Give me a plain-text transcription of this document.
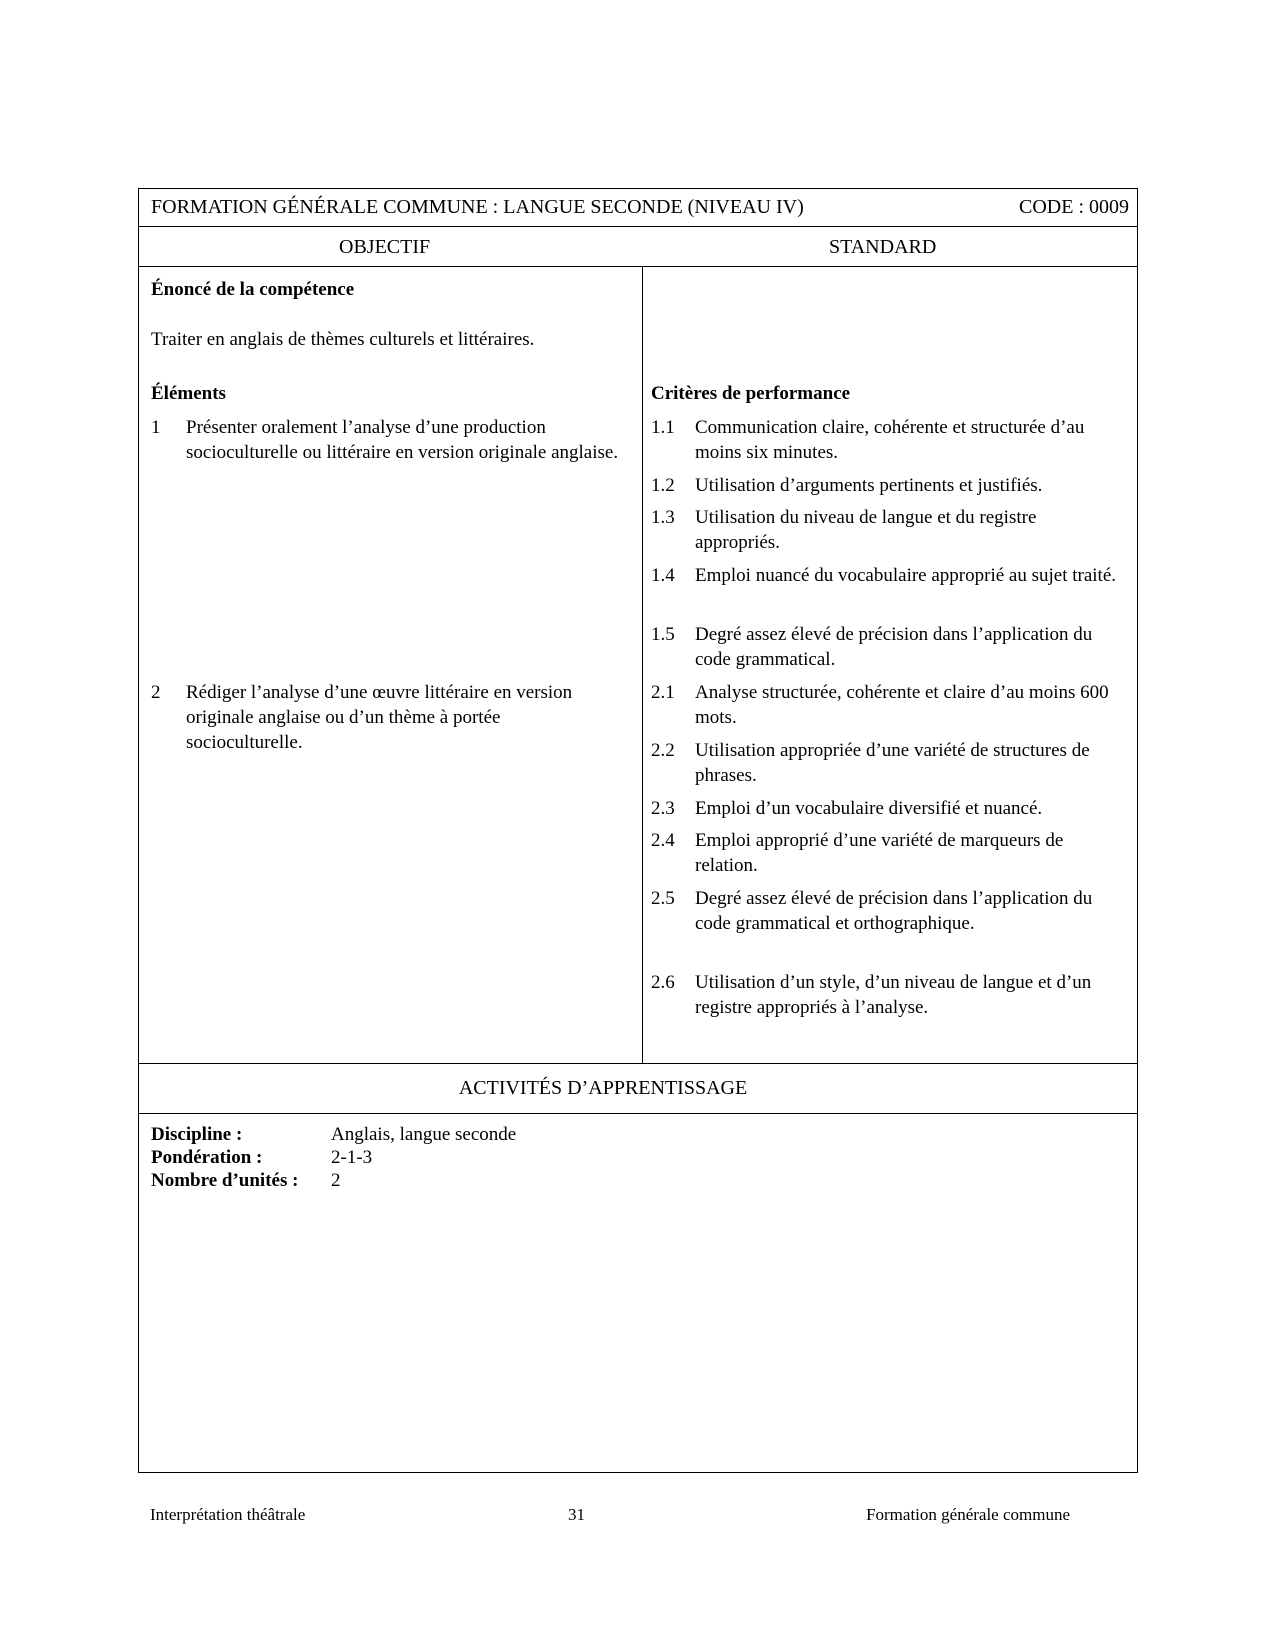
FORMATION GÉNÉRALE COMMUNE : LANGUE SECONDE (NIVEAU IV)	CODE : 0009
OBJECTIF	STANDARD
Énoncé de la compétence
Traiter en anglais de thèmes culturels et littéraires.
Éléments
1 Présenter oralement l’analyse d’une production socioculturelle ou littéraire en version originale anglaise.
2 Rédiger l’analyse d’une œuvre littéraire en version originale anglaise ou d’un thème à portée socioculturelle.
Critères de performance
1.1 Communication claire, cohérente et structurée d’au moins six minutes.
1.2 Utilisation d’arguments pertinents et justifiés.
1.3 Utilisation du niveau de langue et du registre appropriés.
1.4 Emploi nuancé du vocabulaire approprié au sujet traité.
1.5 Degré assez élevé de précision dans l’application du code grammatical.
2.1 Analyse structurée, cohérente et claire d’au moins 600 mots.
2.2 Utilisation appropriée d’une variété de structures de phrases.
2.3 Emploi d’un vocabulaire diversifié et nuancé.
2.4 Emploi approprié d’une variété de marqueurs de relation.
2.5 Degré assez élevé de précision dans l’application du code grammatical et orthographique.
2.6 Utilisation d’un style, d’un niveau de langue et d’un registre appropriés à l’analyse.
ACTIVITÉS D’APPRENTISSAGE
Discipline :	Anglais, langue seconde
Pondération :	2-1-3
Nombre d’unités :	2
Interprétation théâtrale	31	Formation générale commune
